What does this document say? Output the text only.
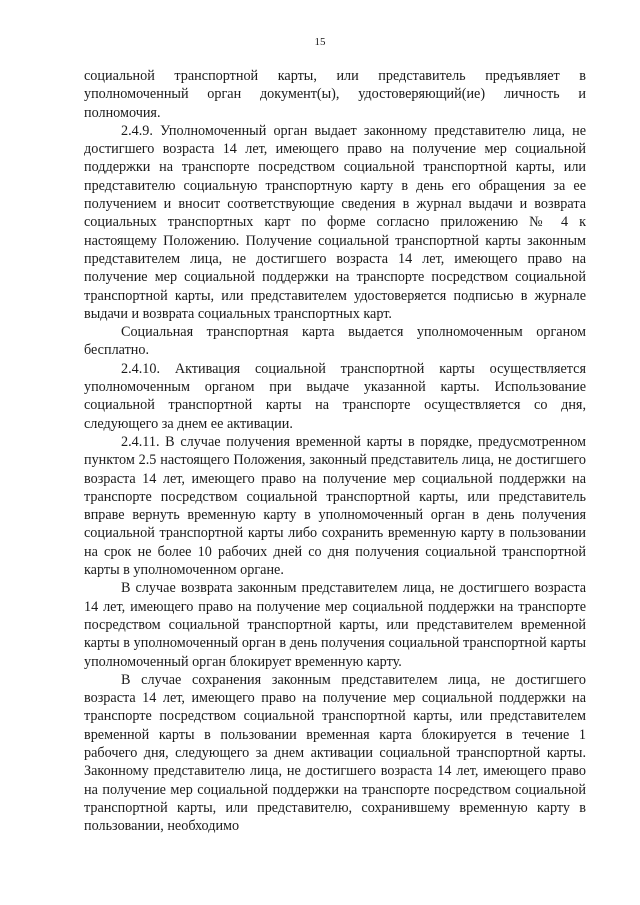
15

социальной транспортной карты, или представитель предъявляет в уполномоченный орган документ(ы), удостоверяющий(ие) личность и полномочия.

2.4.9. Уполномоченный орган выдает законному представителю лица, не достигшего возраста 14 лет, имеющего право на получение мер социальной поддержки на транспорте посредством социальной транспортной карты, или представителю социальную транспортную карту в день его обращения за ее получением и вносит соответствующие сведения в журнал выдачи и возврата социальных транспортных карт по форме согласно приложению № 4 к настоящему Положению. Получение социальной транспортной карты законным представителем лица, не достигшего возраста 14 лет, имеющего право на получение мер социальной поддержки на транспорте посредством социальной транспортной карты, или представителем удостоверяется подписью в журнале выдачи и возврата социальных транспортных карт.

Социальная транспортная карта выдается уполномоченным органом бесплатно.

2.4.10. Активация социальной транспортной карты осуществляется уполномоченным органом при выдаче указанной карты. Использование социальной транспортной карты на транспорте осуществляется со дня, следующего за днем ее активации.

2.4.11. В случае получения временной карты в порядке, предусмотренном пунктом 2.5 настоящего Положения, законный представитель лица, не достигшего возраста 14 лет, имеющего право на получение мер социальной поддержки на транспорте посредством социальной транспортной карты, или представитель вправе вернуть временную карту в уполномоченный орган в день получения социальной транспортной карты либо сохранить временную карту в пользовании на срок не более 10 рабочих дней со дня получения социальной транспортной карты в уполномоченном органе.

В случае возврата законным представителем лица, не достигшего возраста 14 лет, имеющего право на получение мер социальной поддержки на транспорте посредством социальной транспортной карты, или представителем временной карты в уполномоченный орган в день получения социальной транспортной карты уполномоченный орган блокирует временную карту.

В случае сохранения законным представителем лица, не достигшего возраста 14 лет, имеющего право на получение мер социальной поддержки на транспорте посредством социальной транспортной карты, или представителем временной карты в пользовании временная карта блокируется в течение 1 рабочего дня, следующего за днем активации социальной транспортной карты. Законному представителю лица, не достигшего возраста 14 лет, имеющего право на получение мер социальной поддержки на транспорте посредством социальной транспортной карты, или представителю, сохранившему временную карту в пользовании, необходимо
